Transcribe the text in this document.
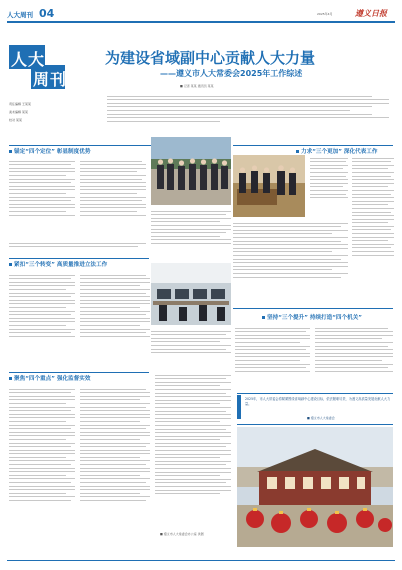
人大周刊 04	2025年4月	遵义日报
人大
周刊
责任编辑 王某某
美术编辑 某某
校对 某某
为建设省域副中心贡献人大力量
——遵义市人大常委会2025年工作综述
■ 记者 某某 通讯员 某某
锚定“四个定位” 彰显制度优势	力求“三个更加” 深化代表工作
紧扣“三个转变” 高质量推进立法工作
聚焦“四个重点” 强化监督实效
坚持“三个提升” 持续打造“四个机关”
2025年，市人大常委会将紧紧围绕省域副中心建设目标，依法履职尽责，为遵义高质量发展贡献人大力量。
■ 遵义市人大常委会
■ 遵义市人大常委会办公室 供图
